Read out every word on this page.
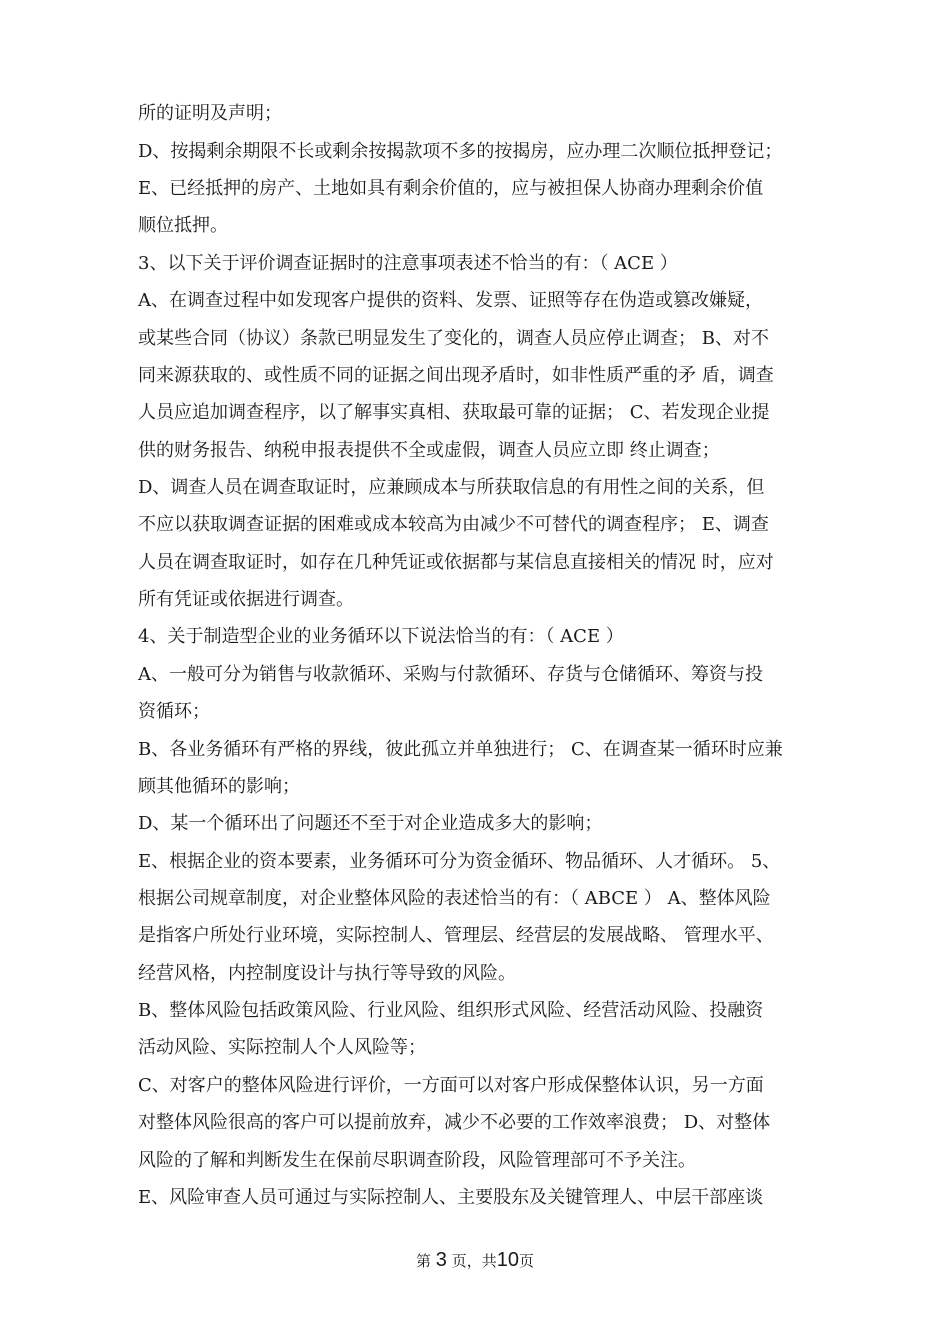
所的证明及声明；
D、按揭剩余期限不长或剩余按揭款项不多的按揭房，应办理二次顺位抵押登记；
E、已经抵押的房产、土地如具有剩余价值的，应与被担保人协商办理剩余价值
顺位抵押。
3、以下关于评价调查证据时的注意事项表述不恰当的有：（ ACE ）
A、在调查过程中如发现客户提供的资料、发票、证照等存在伪造或篡改嫌疑，
或某些合同（协议）条款已明显发生了变化的，调查人员应停止调查； B、对不
同来源获取的、或性质不同的证据之间出现矛盾时，如非性质严重的矛 盾，调查
人员应追加调查程序，以了解事实真相、获取最可靠的证据； C、若发现企业提
供的财务报告、纳税申报表提供不全或虚假，调查人员应立即 终止调查；
D、调查人员在调查取证时，应兼顾成本与所获取信息的有用性之间的关系，但
不应以获取调查证据的困难或成本较高为由减少不可替代的调查程序； E、调查
人员在调查取证时，如存在几种凭证或依据都与某信息直接相关的情况 时，应对
所有凭证或依据进行调查。
4、关于制造型企业的业务循环以下说法恰当的有：（ ACE ）
A、一般可分为销售与收款循环、采购与付款循环、存货与仓储循环、筹资与投
资循环；
B、各业务循环有严格的界线，彼此孤立并单独进行； C、在调查某一循环时应兼
顾其他循环的影响；
D、某一个循环出了问题还不至于对企业造成多大的影响；
E、根据企业的资本要素，业务循环可分为资金循环、物品循环、人才循环。 5、
根据公司规章制度，对企业整体风险的表述恰当的有：（ ABCE ） A、整体风险
是指客户所处行业环境，实际控制人、管理层、经营层的发展战略、 管理水平、
经营风格，内控制度设计与执行等导致的风险。
B、整体风险包括政策风险、行业风险、组织形式风险、经营活动风险、投融资
活动风险、实际控制人个人风险等；
C、对客户的整体风险进行评价，一方面可以对客户形成保整体认识，另一方面
对整体风险很高的客户可以提前放弃，减少不必要的工作效率浪费； D、对整体
风险的了解和判断发生在保前尽职调查阶段，风险管理部可不予关注。
E、风险审查人员可通过与实际控制人、主要股东及关键管理人、中层干部座谈
第 3 页，共10页
